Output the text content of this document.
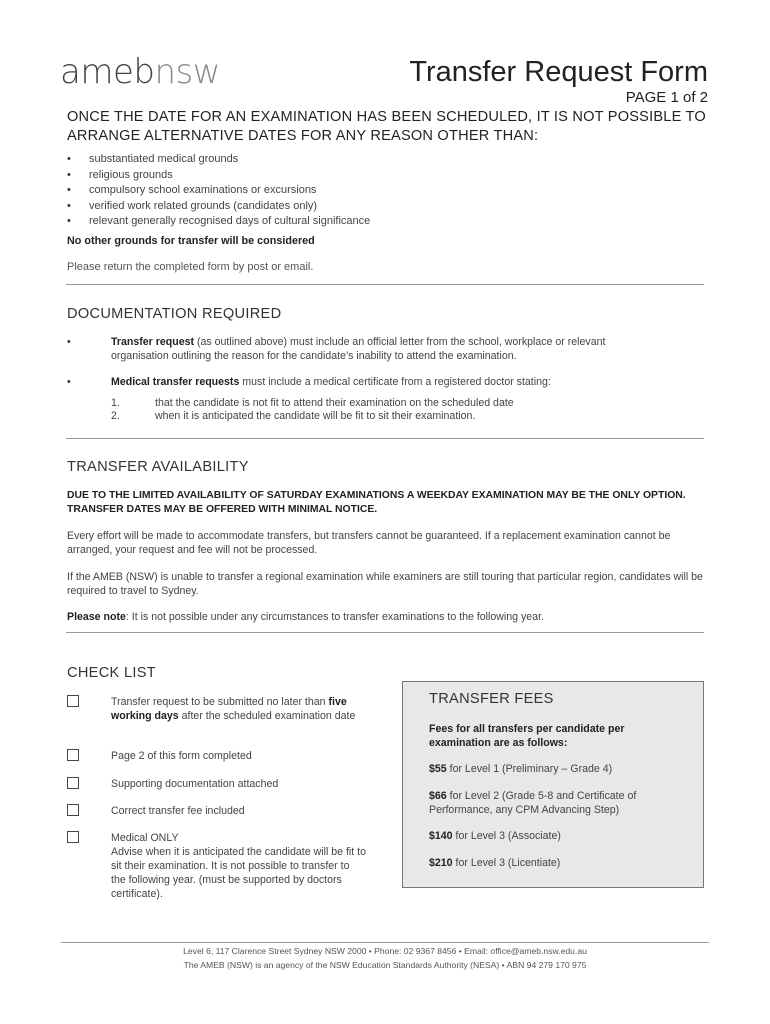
amebnsw	Transfer Request Form
PAGE 1 of 2
ONCE THE DATE FOR AN EXAMINATION HAS BEEN SCHEDULED, IT IS NOT POSSIBLE TO ARRANGE ALTERNATIVE DATES FOR ANY REASON OTHER THAN:
• substantiated medical grounds
• religious grounds
• compulsory school examinations or excursions
• verified work related grounds (candidates only)
• relevant generally recognised days of cultural significance
No other grounds for transfer will be considered
Please return the completed form by post or email.
DOCUMENTATION REQUIRED
•	Transfer request (as outlined above) must include an official letter from the school, workplace or relevant organisation outlining the reason for the candidate’s inability to attend the examination.
•	Medical transfer requests must include a medical certificate from a registered doctor stating:
1.	that the candidate is not fit to attend their examination on the scheduled date
2.	when it is anticipated the candidate will be fit to sit their examination.
TRANSFER AVAILABILITY
DUE TO THE LIMITED AVAILABILITY OF SATURDAY EXAMINATIONS A WEEKDAY EXAMINATION MAY BE THE ONLY OPTION. TRANSFER DATES MAY BE OFFERED WITH MINIMAL NOTICE.
Every effort will be made to accommodate transfers, but transfers cannot be guaranteed. If a replacement examination cannot be arranged, your request and fee will not be processed.
If the AMEB (NSW) is unable to transfer a regional examination while examiners are still touring that particular region, candidates will be required to travel to Sydney.
Please note: It is not possible under any circumstances to transfer examinations to the following year.
CHECK LIST
Transfer request to be submitted no later than five working days after the scheduled examination date
Page 2 of this form completed
Supporting documentation attached
Correct transfer fee included
Medical ONLY
Advise when it is anticipated the candidate will be fit to sit their examination. It is not possible to transfer to the following year. (must be supported by doctors certificate).
TRANSFER FEES
Fees for all transfers per candidate per examination are as follows:
$55 for Level 1 (Preliminary – Grade 4)
$66 for Level 2 (Grade 5-8 and Certificate of Performance, any CPM Advancing Step)
$140 for Level 3 (Associate)
$210 for Level 3 (Licentiate)
Level 6, 117 Clarence Street Sydney NSW 2000 • Phone: 02 9367 8456 • Email: office@ameb.nsw.edu.au
The AMEB (NSW) is an agency of the NSW Education Standards Authority (NESA) • ABN 94 279 170 975
